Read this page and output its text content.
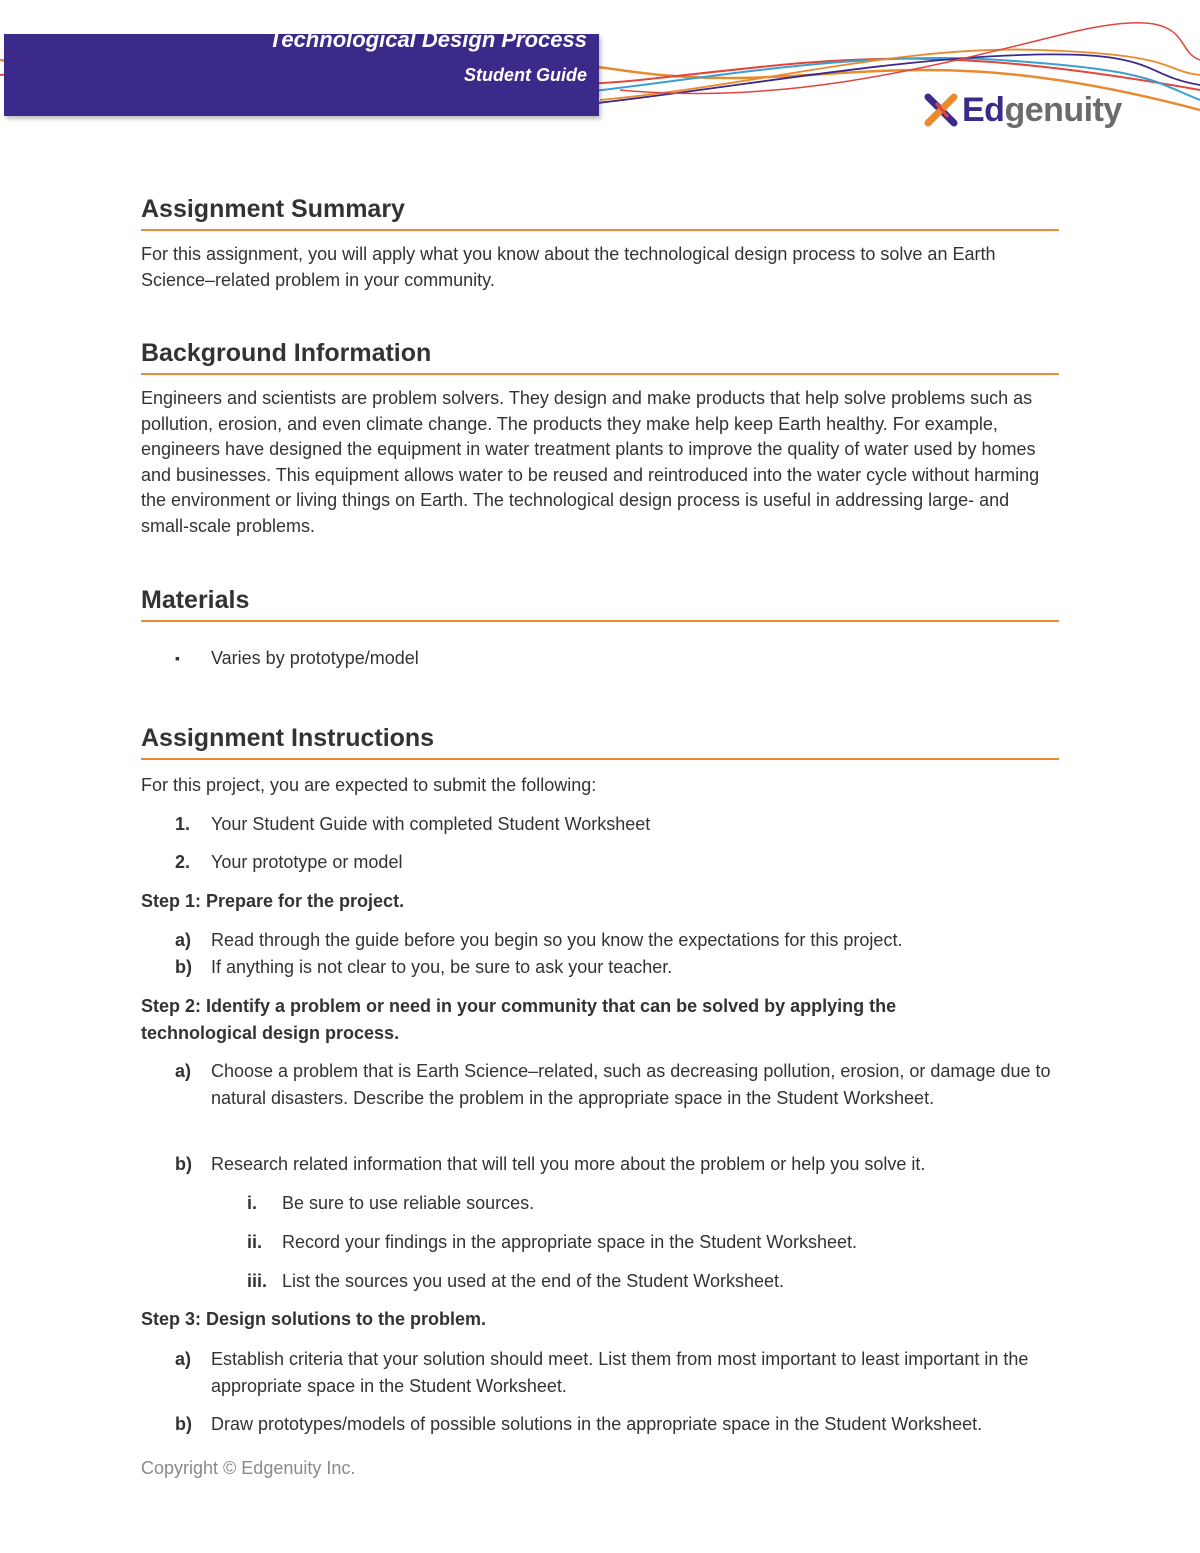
Technological Design Process
Student Guide
Edgenuity
Assignment Summary

For this assignment, you will apply what you know about the technological design process to solve an Earth Science–related problem in your community.

Background Information

Engineers and scientists are problem solvers. They design and make products that help solve problems such as pollution, erosion, and even climate change. The products they make help keep Earth healthy. For example, engineers have designed the equipment in water treatment plants to improve the quality of water used by homes and businesses. This equipment allows water to be reused and reintroduced into the water cycle without harming the environment or living things on Earth. The technological design process is useful in addressing large- and small-scale problems.

Materials
▪ Varies by prototype/model
Assignment Instructions
For this project, you are expected to submit the following:
1. Your Student Guide with completed Student Worksheet
2. Your prototype or model
Step 1: Prepare for the project.
a) Read through the guide before you begin so you know the expectations for this project.
b) If anything is not clear to you, be sure to ask your teacher.
Step 2: Identify a problem or need in your community that can be solved by applying the
technological design process.
a) Choose a problem that is Earth Science–related, such as decreasing pollution, erosion, or damage due to natural disasters. Describe the problem in the appropriate space in the Student Worksheet.
b) Research related information that will tell you more about the problem or help you solve it.
i. Be sure to use reliable sources.
ii. Record your findings in the appropriate space in the Student Worksheet.
iii. List the sources you used at the end of the Student Worksheet.
Step 3: Design solutions to the problem.
a) Establish criteria that your solution should meet. List them from most important to least important in the appropriate space in the Student Worksheet.
b) Draw prototypes/models of possible solutions in the appropriate space in the Student Worksheet.
Copyright © Edgenuity Inc.
